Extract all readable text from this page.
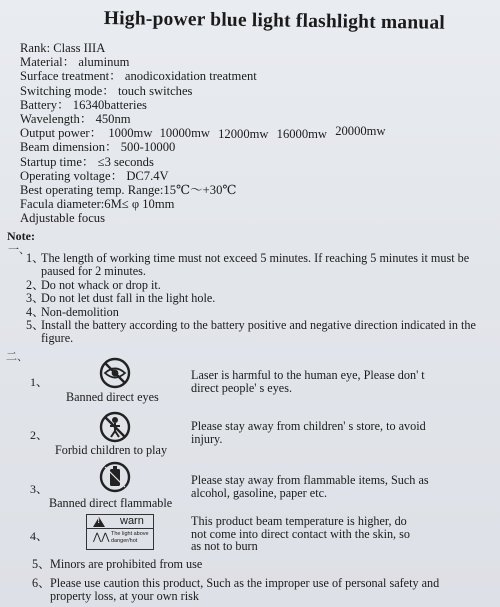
High-power blue light flashlight manual
Rank: Class IIIA
Material： aluminum
Surface treatment： anodicoxidation treatment
Switching mode： touch switches
Battery： 16340batteries
Wavelength： 450nm
Output power： 1000mw 10000mw 12000mw 16000mw 20000mw
Beam dimension： 500-10000
Startup time： ≤3 seconds
Operating voltage： DC7.4V
Best operating temp. Range:15℃～+30℃
Facula diameter:6M≤ φ 10mm
Adjustable focus
Note:
一、
1、
The length of working time must not exceed 5 minutes. If reaching 5 minutes it must be paused for 2 minutes.
2、
Do not whack or drop it.
3、
Do not let dust fall in the light hole.
4、
Non-demolition
5、
Install the battery according to the battery positive and negative direction indicated in the figure.
二、
1、
Banned direct eyes
Laser is harmful to the human eye, Please don' t direct people' s eyes.
2、
Forbid children to play
Please stay away from children' s store, to avoid injury.
3、
Banned direct flammable
Please stay away from flammable items, Such as alcohol, gasoline, paper etc.
4、
!
warn
⋀⋀ The light above danger/hot
This product beam temperature is higher, do not come into direct contact with the skin, so as not to burn
5、 Minors are prohibited from use
6、 Please use caution this product, Such as the improper use of personal safety and property loss, at your own risk
